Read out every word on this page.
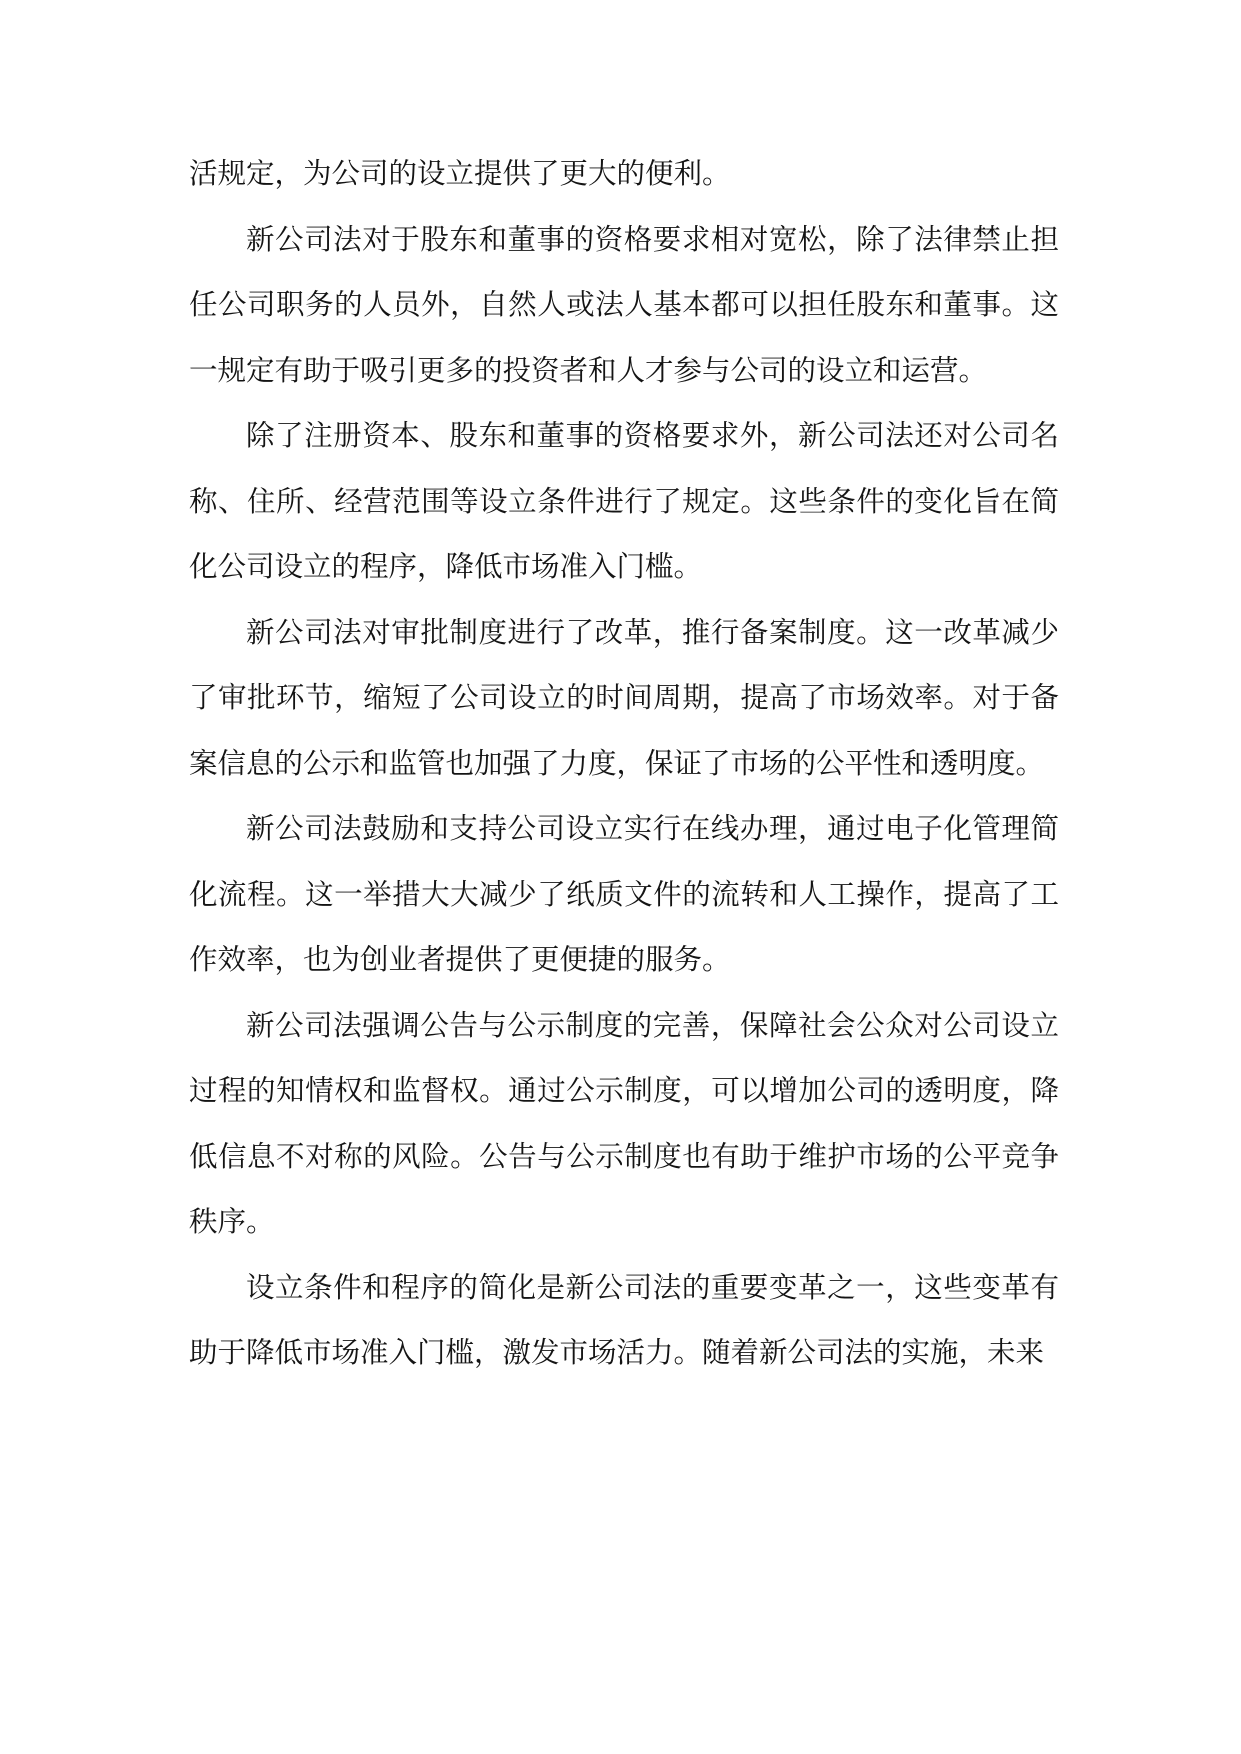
活规定，为公司的设立提供了更大的便利。

新公司法对于股东和董事的资格要求相对宽松，除了法律禁止担任公司职务的人员外，自然人或法人基本都可以担任股东和董事。这一规定有助于吸引更多的投资者和人才参与公司的设立和运营。

除了注册资本、股东和董事的资格要求外，新公司法还对公司名称、住所、经营范围等设立条件进行了规定。这些条件的变化旨在简化公司设立的程序，降低市场准入门槛。

新公司法对审批制度进行了改革，推行备案制度。这一改革减少了审批环节，缩短了公司设立的时间周期，提高了市场效率。对于备案信息的公示和监管也加强了力度，保证了市场的公平性和透明度。

新公司法鼓励和支持公司设立实行在线办理，通过电子化管理简化流程。这一举措大大减少了纸质文件的流转和人工操作，提高了工作效率，也为创业者提供了更便捷的服务。

新公司法强调公告与公示制度的完善，保障社会公众对公司设立过程的知情权和监督权。通过公示制度，可以增加公司的透明度，降低信息不对称的风险。公告与公示制度也有助于维护市场的公平竞争秩序。

设立条件和程序的简化是新公司法的重要变革之一，这些变革有助于降低市场准入门槛，激发市场活力。随着新公司法的实施，未来
